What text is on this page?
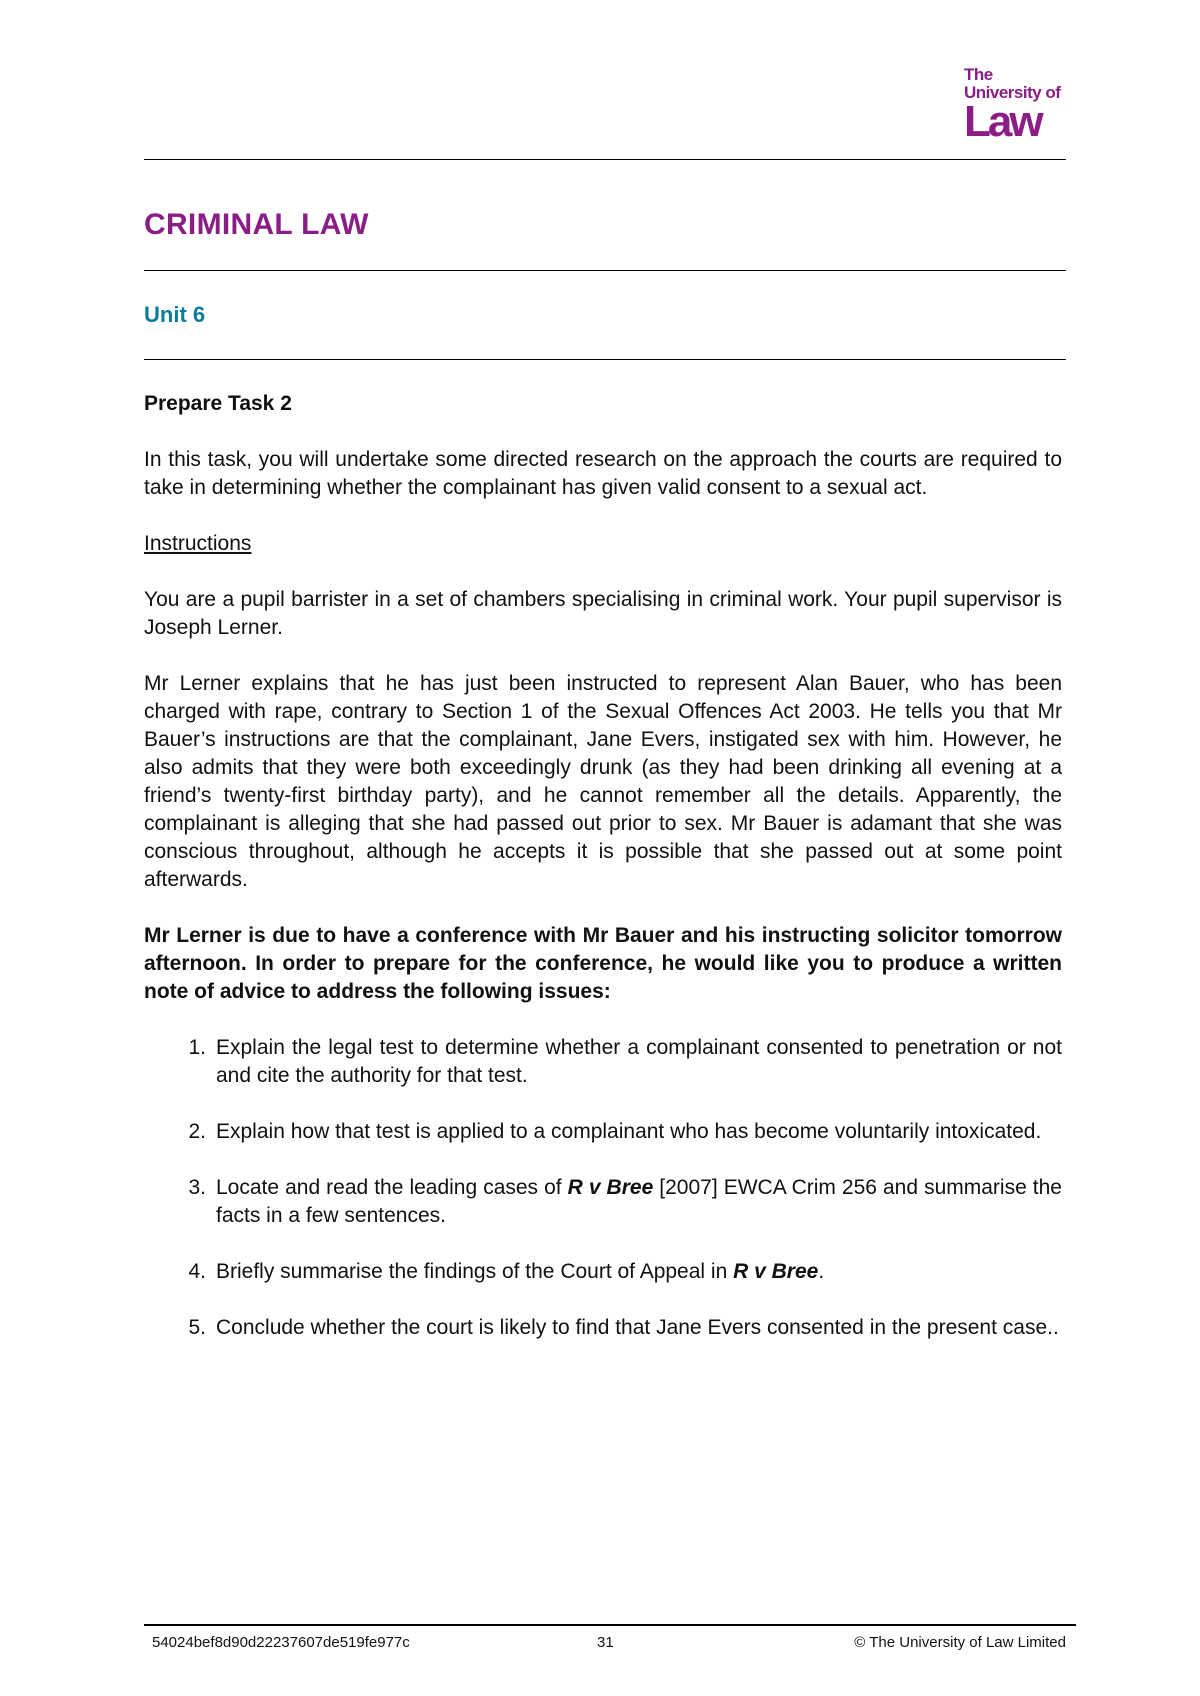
The
University of
Law
CRIMINAL LAW
Unit 6

Prepare Task 2

In this task, you will undertake some directed research on the approach the courts are required to take in determining whether the complainant has given valid consent to a sexual act.

Instructions

You are a pupil barrister in a set of chambers specialising in criminal work. Your pupil supervisor is Joseph Lerner.

Mr Lerner explains that he has just been instructed to represent Alan Bauer, who has been charged with rape, contrary to Section 1 of the Sexual Offences Act 2003. He tells you that Mr Bauer’s instructions are that the complainant, Jane Evers, instigated sex with him. However, he also admits that they were both exceedingly drunk (as they had been drinking all evening at a friend’s twenty-first birthday party), and he cannot remember all the details. Apparently, the complainant is alleging that she had passed out prior to sex. Mr Bauer is adamant that she was conscious throughout, although he accepts it is possible that she passed out at some point afterwards.

Mr Lerner is due to have a conference with Mr Bauer and his instructing solicitor tomorrow afternoon. In order to prepare for the conference, he would like you to produce a written note of advice to address the following issues:

1. Explain the legal test to determine whether a complainant consented to penetration or not and cite the authority for that test.
2. Explain how that test is applied to a complainant who has become voluntarily intoxicated.
3. Locate and read the leading cases of R v Bree [2007] EWCA Crim 256 and summarise the facts in a few sentences.
4. Briefly summarise the findings of the Court of Appeal in R v Bree.
5. Conclude whether the court is likely to find that Jane Evers consented in the present case..
54024bef8d90d22237607de519fe977c	31	© The University of Law Limited
